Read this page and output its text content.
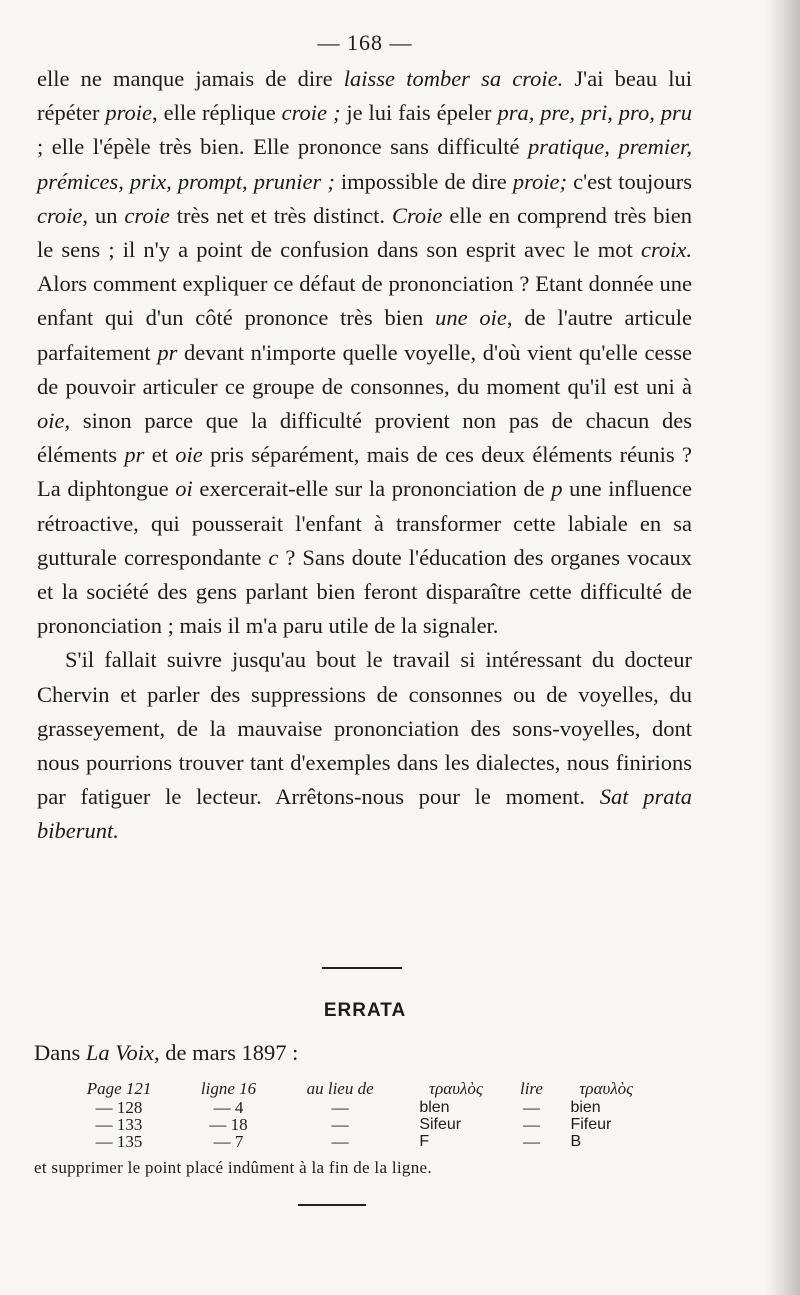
— 168 —

elle ne manque jamais de dire laisse tomber sa croie. J'ai beau lui répéter proie, elle réplique croie ; je lui fais épeler pra, pre, pri, pro, pru ; elle l'épèle très bien. Elle prononce sans difficulté pratique, premier, prémices, prix, prompt, prunier ; impossible de dire proie; c'est toujours croie, un croie très net et très distinct. Croie elle en comprend très bien le sens ; il n'y a point de confusion dans son esprit avec le mot croix. Alors comment expliquer ce défaut de prononciation ? Etant donnée une enfant qui d'un côté prononce très bien une oie, de l'autre articule parfaitement pr devant n'importe quelle voyelle, d'où vient qu'elle cesse de pouvoir articuler ce groupe de consonnes, du moment qu'il est uni à oie, sinon parce que la difficulté provient non pas de chacun des éléments pr et oie pris séparément, mais de ces deux éléments réunis ? La diphtongue oi exercerait-elle sur la prononciation de p une influence rétroactive, qui pousserait l'enfant à transformer cette labiale en sa gutturale correspondante c ? Sans doute l'éducation des organes vocaux et la société des gens parlant bien feront disparaître cette difficulté de prononciation ; mais il m'a paru utile de la signaler.

S'il fallait suivre jusqu'au bout le travail si intéressant du docteur Chervin et parler des suppressions de consonnes ou de voyelles, du grasseyement, de la mauvaise prononciation des sons-voyelles, dont nous pourrions trouver tant d'exemples dans les dialectes, nous finirions par fatiguer le lecteur. Arrêtons-nous pour le moment. Sat prata biberunt.

ERRATA
Dans La Voix, de mars 1897 :
Page 121	ligne 16	au lieu de	τραυλὸς	lire	τραυλὸς
— 128	— 4	—	blen	—	bien
— 133	— 18	—	Sifeur	—	Fifeur
— 135	— 7	—	F	—	B
et supprimer le point placé indûment à la fin de la ligne.
